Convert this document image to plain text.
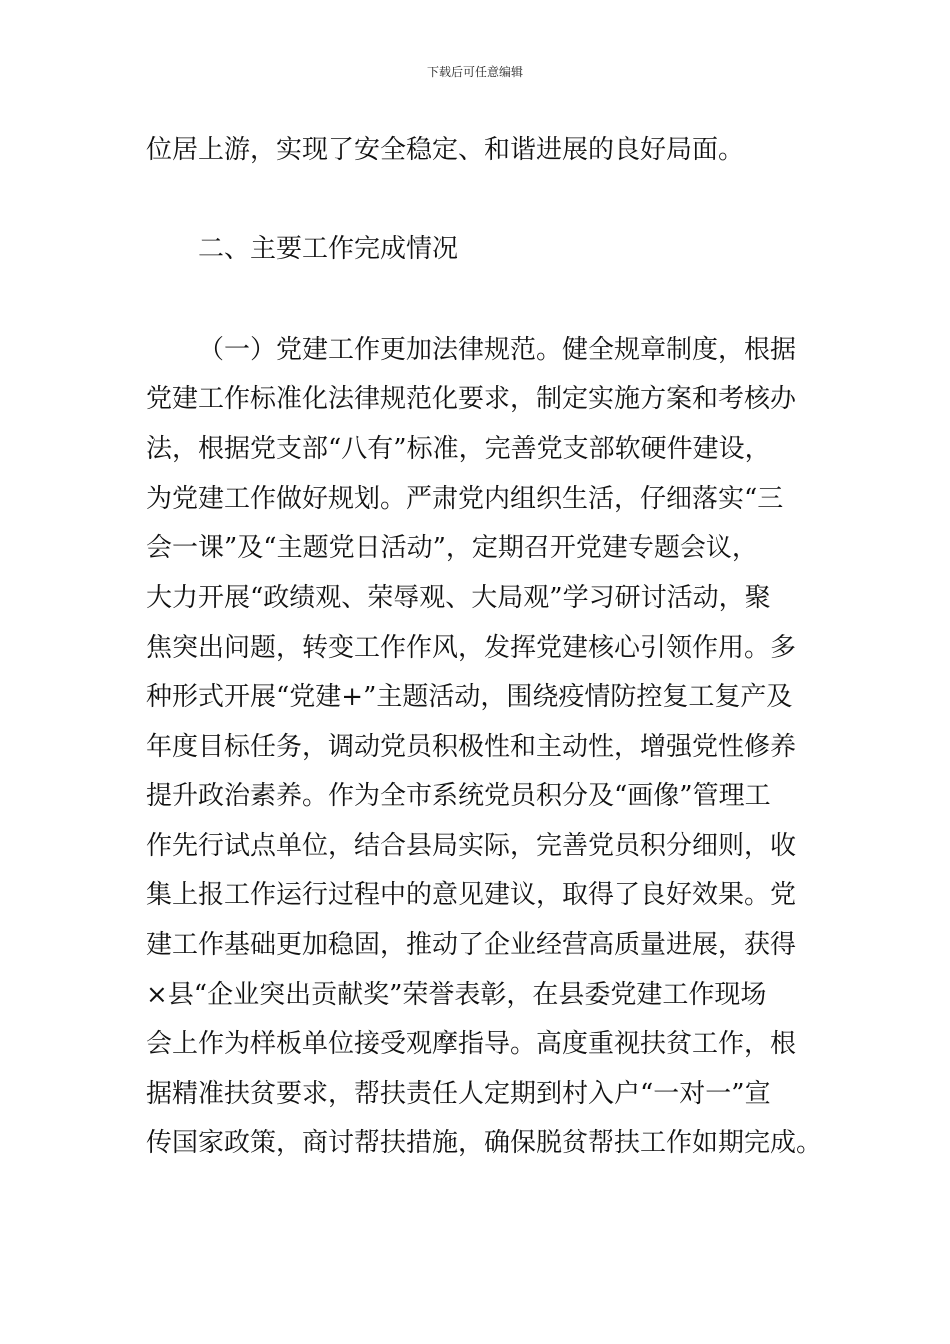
下载后可任意编辑
位居上游，实现了安全稳定、和谐进展的良好局面。
二、主要工作完成情况
（一）党建工作更加法律规范。健全规章制度，根据
党建工作标准化法律规范化要求，制定实施方案和考核办
法，根据党支部“八有”标准，完善党支部软硬件建设，
为党建工作做好规划。严肃党内组织生活，仔细落实“三
会一课”及“主题党日活动”，定期召开党建专题会议，
大力开展“政绩观、荣辱观、大局观”学习研讨活动，聚
焦突出问题，转变工作作风，发挥党建核心引领作用。多
种形式开展“党建+”主题活动，围绕疫情防控复工复产及
年度目标任务，调动党员积极性和主动性，增强党性修养
提升政治素养。作为全市系统党员积分及“画像”管理工
作先行试点单位，结合县局实际，完善党员积分细则，收
集上报工作运行过程中的意见建议，取得了良好效果。党
建工作基础更加稳固，推动了企业经营高质量进展，获得
×县“企业突出贡献奖”荣誉表彰，在县委党建工作现场
会上作为样板单位接受观摩指导。高度重视扶贫工作，根
据精准扶贫要求，帮扶责任人定期到村入户“一对一”宣
传国家政策，商讨帮扶措施，确保脱贫帮扶工作如期完成。
